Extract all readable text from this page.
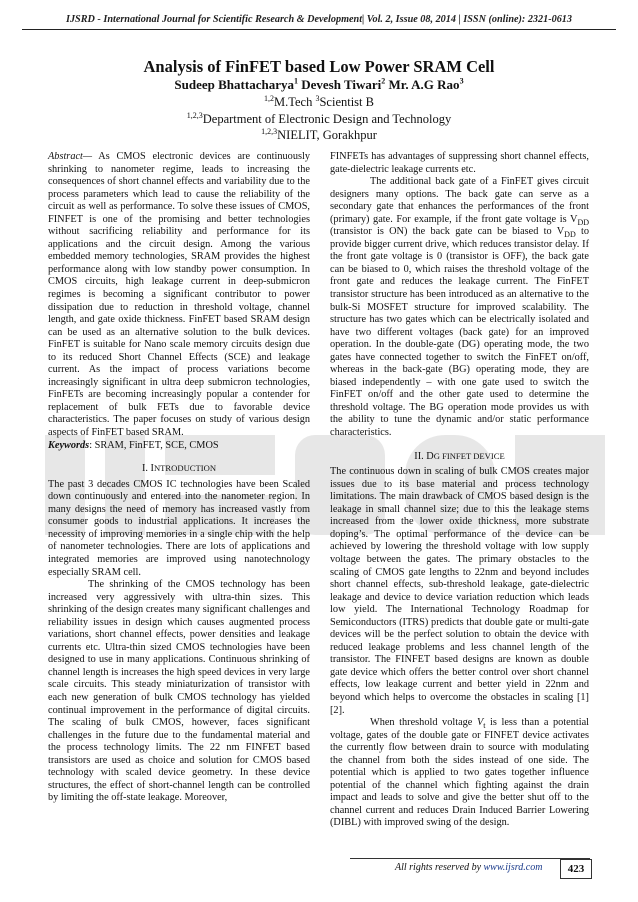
IJSRD - International Journal for Scientific Research & Development| Vol. 2, Issue 08, 2014 | ISSN (online): 2321-0613
Analysis of FinFET based Low Power SRAM Cell
Sudeep Bhattacharya$^1$ Devesh Tiwari$^2$ Mr. A.G Rao$^3$
$^{1,2}$M.Tech $^3$Scientist B
$^{1,2,3}$Department of Electronic Design and Technology
$^{1,2,3}$NIELIT, Gorakhpur

Abstract— As CMOS electronic devices are continuously shrinking to nanometer regime, leads to increasing the consequences of short channel effects and variability due to the process parameters which lead to cause the reliability of the circuit as well as performance. To solve these issues of CMOS, FINFET is one of the promising and better technologies without sacrificing reliability and performance for its applications and the circuit design. Among the various embedded memory technologies, SRAM provides the highest performance along with low standby power consumption. In CMOS circuits, high leakage current in deep-submicron regimes is becoming a significant contributor to power dissipation due to reduction in threshold voltage, channel length, and gate oxide thickness. FinFET based SRAM design can be used as an alternative solution to the bulk devices. FinFET is suitable for Nano scale memory circuits design due to its reduced Short Channel Effects (SCE) and leakage current. As the impact of process variations become increasingly significant in ultra deep submicron technologies, FinFETs are becoming increasingly popular a contender for replacement of bulk FETs due to favorable device characteristics. The paper focuses on study of various design aspects of FinFET based SRAM.

Keywords: SRAM, FinFET, SCE, CMOS

I. INTRODUCTION

The past 3 decades CMOS IC technologies have been Scaled down continuously and entered into the nanometer region. In many designs the need of memory has increased vastly from consumer goods to industrial applications. It increases the necessity of improving memories in a single chip with the help of nanometer technologies. There are lots of applications and integrated memories are improved using nanotechnology especially SRAM cell.

The shrinking of the CMOS technology has been increased very aggressively with ultra-thin sizes. This shrinking of the design creates many significant challenges and reliability issues in design which causes augmented process variations, short channel effects, power densities and leakage currents etc. Ultra-thin sized CMOS technologies have been designed to use in many applications. Continuous shrinking of channel length is increases the high speed devices in very large scale circuits. This steady miniaturization of transistor with each new generation of bulk CMOS technology has yielded continual improvement in the performance of digital circuits. The scaling of bulk CMOS, however, faces significant challenges in the future due to the fundamental material and the process technology limits. The 22 nm FINFET based transistors are used as choice and solution for CMOS based technology with scaled device geometry. In these device structures, the effect of short-channel length can be controlled by limiting the off-state leakage. Moreover,

FINFETs has advantages of suppressing short channel effects, gate-dielectric leakage currents etc.

The additional back gate of a FinFET gives circuit designers many options. The back gate can serve as a secondary gate that enhances the performances of the front (primary) gate. For example, if the front gate voltage is $V_{DD}$ (transistor is ON) the back gate can be biased to $V_{DD}$ to provide bigger current drive, which reduces transistor delay. If the front gate voltage is 0 (transistor is OFF), the back gate can be biased to 0, which raises the threshold voltage of the front gate and reduces the leakage current. The FinFET transistor structure has been introduced as an alternative to the bulk-Si MOSFET structure for improved scalability. The structure has two gates which can be electrically isolated and have two different voltages (back gate) for an improved operation. In the double-gate (DG) operating mode, the two gates have connected together to switch the FinFET on/off, whereas in the back-gate (BG) operating mode, they are biased independently – with one gate used to switch the FinFET on/off and the other gate used to determine the threshold voltage. The BG operation mode provides us with the ability to tune the dynamic and/or static performance characteristics.

II. DG FINFET DEVICE

The continuous down in scaling of bulk CMOS creates major issues due to its base material and process technology limitations. The main drawback of CMOS based design is the leakage in small channel size; due to this the leakage stems increased from the lower oxide thickness, more substrate doping’s. The optimal performance of the device can be achieved by lowering the threshold voltage with low supply voltage between the gates. The primary obstacles to the scaling of CMOS gate lengths to 22nm and beyond includes short channel effects, sub-threshold leakage, gate-dielectric leakage and device to device variation reduction which leads low yield. The International Technology Roadmap for Semiconductors (ITRS) predicts that double gate or multi-gate devices will be the perfect solution to obtain the device with reduced leakage problems and less channel length of the transistor. The FINFET based designs are known as double gate device which offers the better control over short channel effects, low leakage current and better yield in 22nm and beyond which helps to overcome the obstacles in scaling [1][2].

When threshold voltage $V_t$ is less than a potential voltage, gates of the double gate or FINFET device activates the currently flow between drain to source with modulating the channel from both the sides instead of one side. The potential which is applied to two gates together influence potential of the channel which fighting against the drain impact and leads to solve and give the better shut off to the channel current and reduces Drain Induced Barrier Lowering (DIBL) with improved swing of the design.

All rights reserved by www.ijsrd.com	423
